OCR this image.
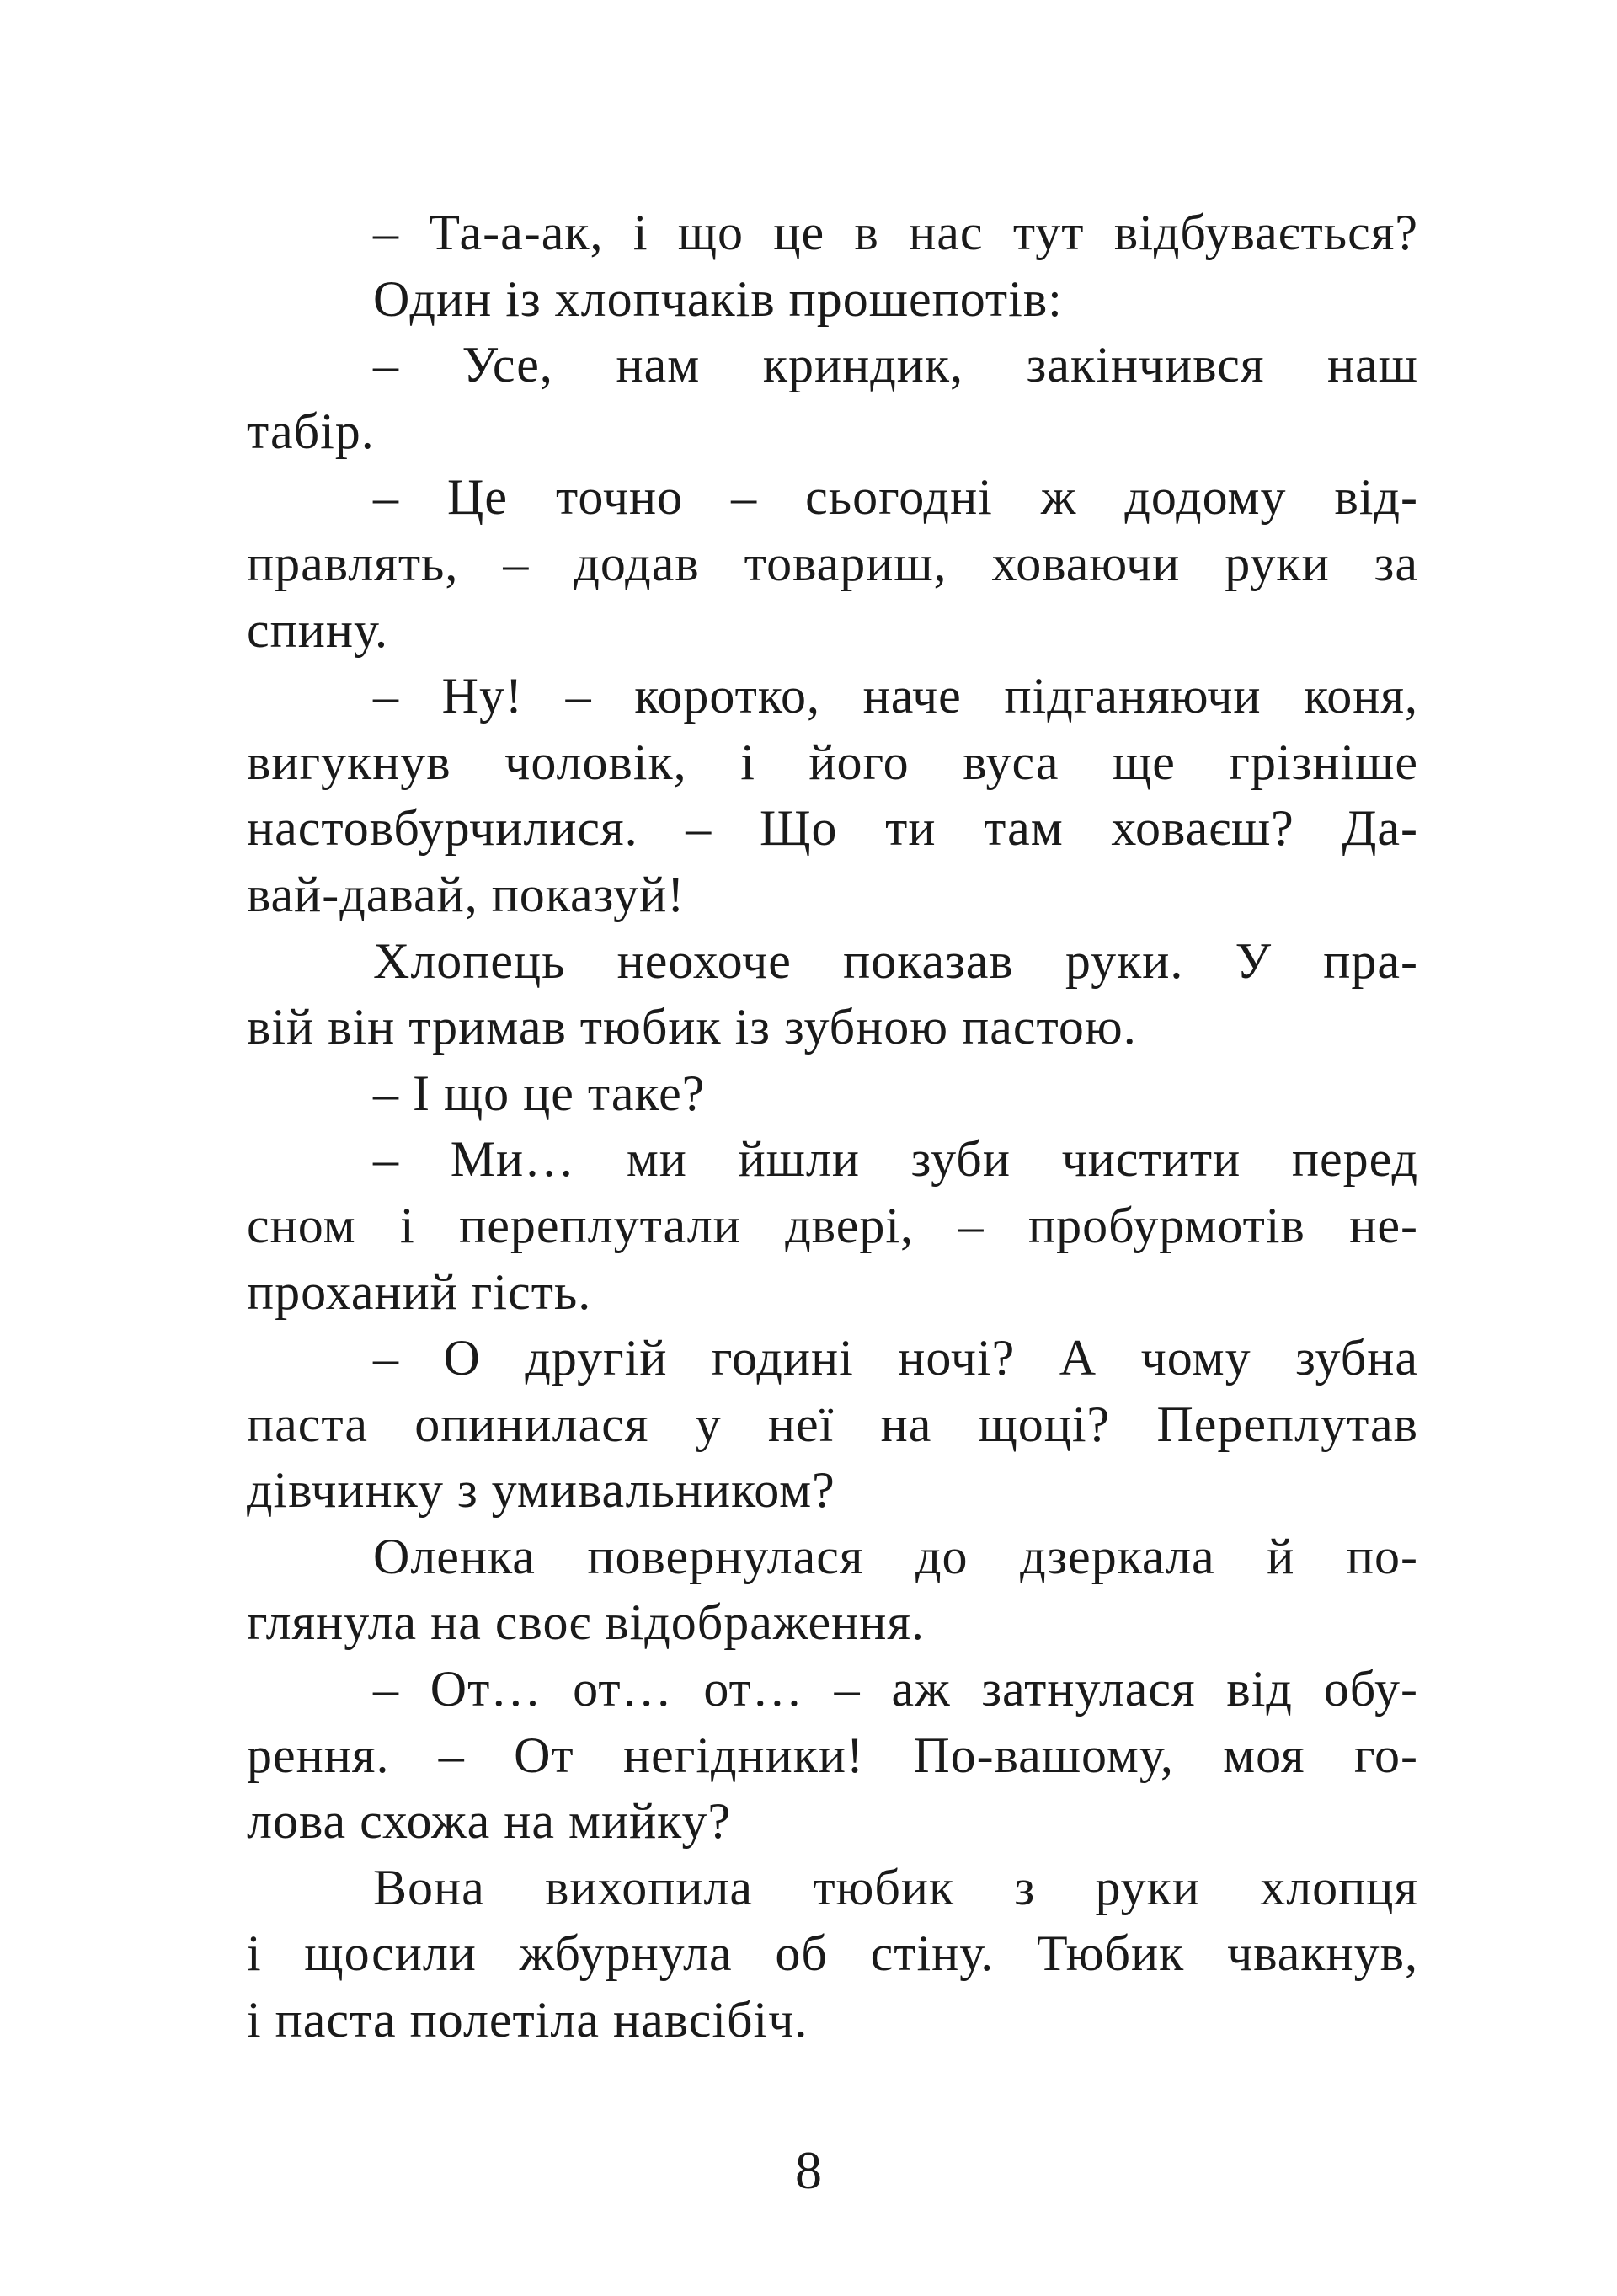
– Та-а-ак, і що це в нас тут відбувається?
Один із хлопчаків прошепотів:
– Усе, нам криндик, закінчився наш
табір.
– Це точно – сьогодні ж додому від-
правлять, – додав товариш, ховаючи руки за
спину.
– Ну! – коротко, наче підганяючи коня,
вигукнув чоловік, і його вуса ще грізніше
настовбурчилися. – Що ти там ховаєш? Да-
вай-давай, показуй!
Хлопець неохоче показав руки. У пра-
вій він тримав тюбик із зубною пастою.
– І що це таке?
– Ми… ми йшли зуби чистити перед
сном і переплутали двері, – пробурмотів не-
проханий гість.
– О другій годині ночі? А чому зубна
паста опинилася у неї на щоці? Переплутав
дівчинку з умивальником?
Оленка повернулася до дзеркала й по-
глянула на своє відображення.
– От… от… от… – аж затнулася від обу-
рення. – От негідники! По-вашому, моя го-
лова схожа на мийку?
Вона вихопила тюбик з руки хлопця
і щосили жбурнула об стіну. Тюбик чвакнув,
і паста полетіла навсібіч.
8
